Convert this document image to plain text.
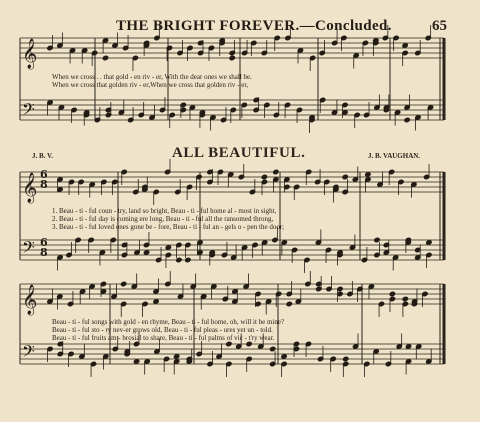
THE BRIGHT FOREVER.—Concluded.	65
𝄞
𝄢
𝄞
𝄢
𝄞
𝄢
6
8
6
8
When we cross . . that gold - en riv - er, With the dear ones we shall be.
When we cross that golden riv - er,When we cross that golden riv - er,
J. B. V.	ALL BEAUTIFUL.	J. B. VAUGHAN.
1. Beau - ti - ful coun - try, land so bright, Beau - ti - ful home al - most in sight,
2. Beau - ti - ful day is coming ere long, Beau - ti - ful all the ransomed throng,
3. Beau - ti - ful loved ones gone be - fore, Beau - ti - ful an - gels o - pen the door;
Beau - ti - ful songs with gold - en rhyme, Beau - ti - ful home, oh, will it be mine?
Beau - ti - ful sto - ry nev-er grows old, Beau - ti - ful pleas - ures yet un - told.
Beau - ti - ful fruits am - brosial to share, Beau - ti - ful palms of vic - t'ry wear.
